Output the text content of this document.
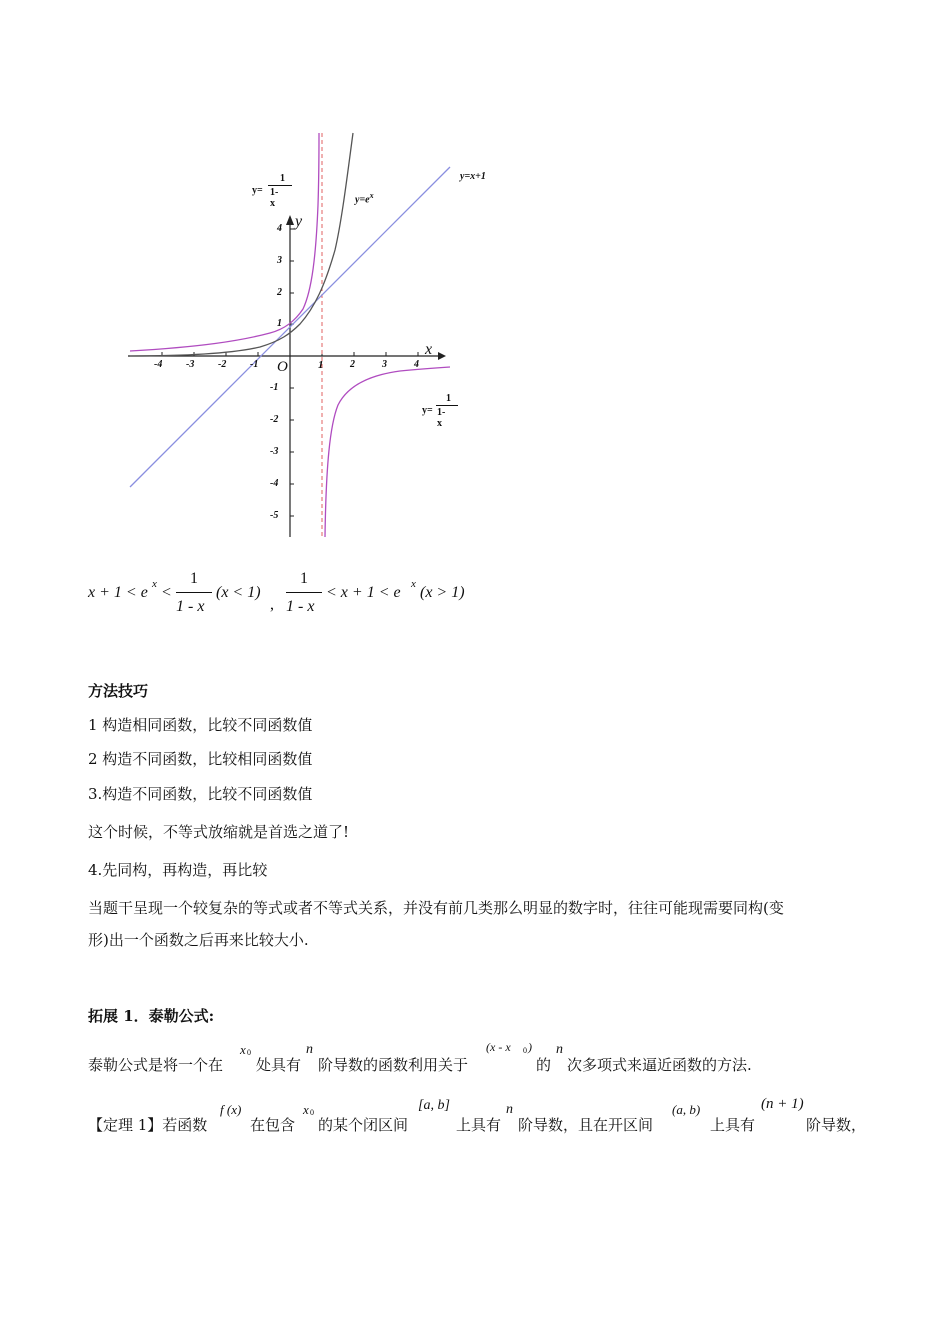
y=
1
1-x	$y=e^x$
y=x+1
y=
1
1-x
x
y
O
-4 -3 -2 -1	1	2	3	4
4
3
2
1
-1
-2
-3
-4
-5
x + 1 < e x <
1
1 - x
(x < 1)
,
1
1 - x
< x + 1 < e x (x > 1)
方法技巧
1 构造相同函数，比较不同函数值
2 构造不同函数，比较相同函数值
3.构造不同函数，比较不同函数值
这个时候，不等式放缩就是首选之道了!
4.先同构，再构造，再比较
当题干呈现一个较复杂的等式或者不等式关系，并没有前几类那么明显的数字时，往往可能现需要同构(变
形)出一个函数之后再来比较大小.
拓展 1．泰勒公式:
泰勒公式是将一个在
x 0
处具有
n
阶导数的函数利用关于
(x - x 0 )
的
n
次多项式来逼近函数的方法.
【定理 1】若函数
f (x)
在包含
x 0
的某个闭区间
[a, b]
上具有
n
阶导数，且在开区间
(a, b)
上具有
(n + 1)
阶导数，
